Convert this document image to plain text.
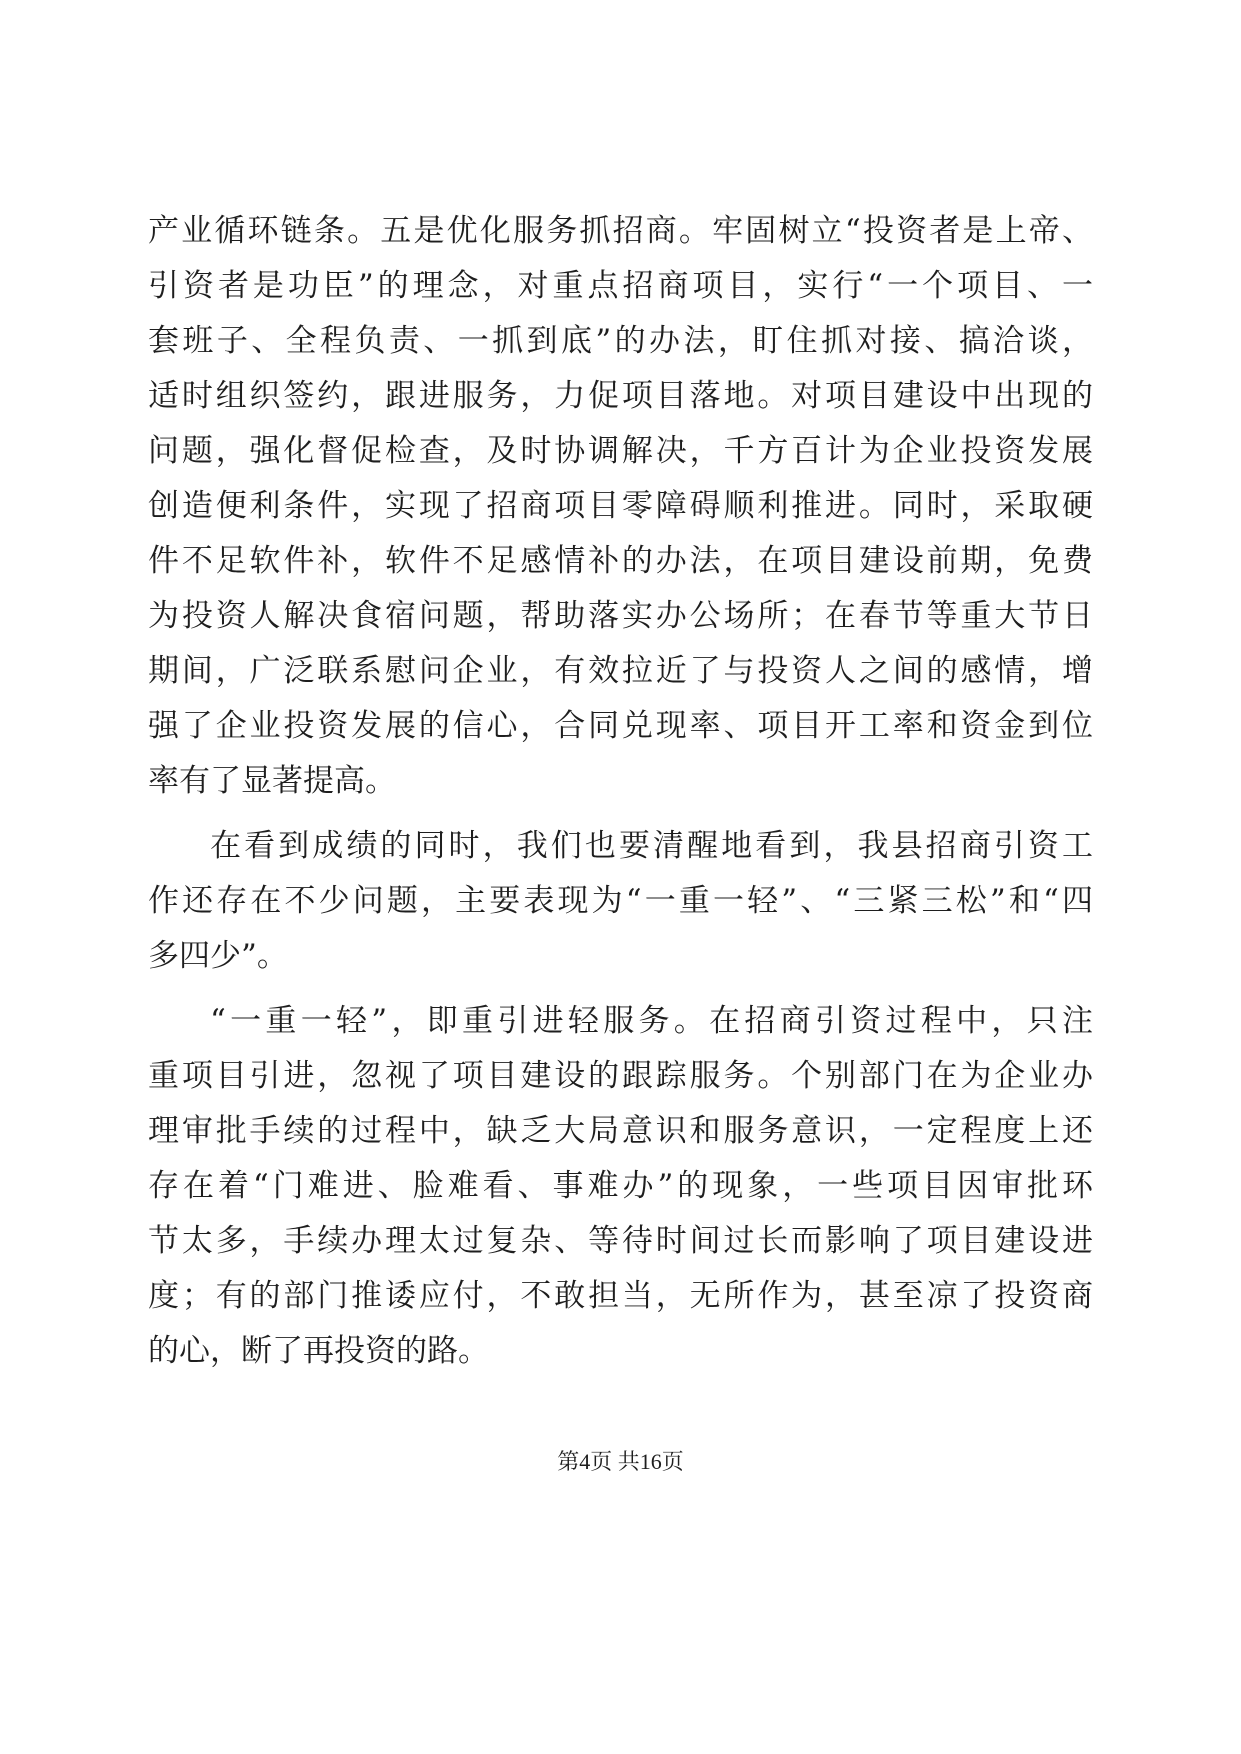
产业循环链条。五是优化服务抓招商。牢固树立“投资者是上帝、
引资者是功臣”的理念，对重点招商项目，实行“一个项目、一
套班子、全程负责、一抓到底”的办法，盯住抓对接、搞洽谈，
适时组织签约，跟进服务，力促项目落地。对项目建设中出现的
问题，强化督促检查，及时协调解决，千方百计为企业投资发展
创造便利条件，实现了招商项目零障碍顺利推进。同时，采取硬
件不足软件补，软件不足感情补的办法，在项目建设前期，免费
为投资人解决食宿问题，帮助落实办公场所；在春节等重大节日
期间，广泛联系慰问企业，有效拉近了与投资人之间的感情，增
强了企业投资发展的信心，合同兑现率、项目开工率和资金到位
率有了显著提高。
在看到成绩的同时，我们也要清醒地看到，我县招商引资工
作还存在不少问题，主要表现为“一重一轻”、“三紧三松”和“四
多四少”。
“一重一轻”，即重引进轻服务。在招商引资过程中，只注
重项目引进，忽视了项目建设的跟踪服务。个别部门在为企业办
理审批手续的过程中，缺乏大局意识和服务意识，一定程度上还
存在着“门难进、脸难看、事难办”的现象，一些项目因审批环
节太多，手续办理太过复杂、等待时间过长而影响了项目建设进
度；有的部门推诿应付，不敢担当，无所作为，甚至凉了投资商
的心，断了再投资的路。
第4页 共16页
